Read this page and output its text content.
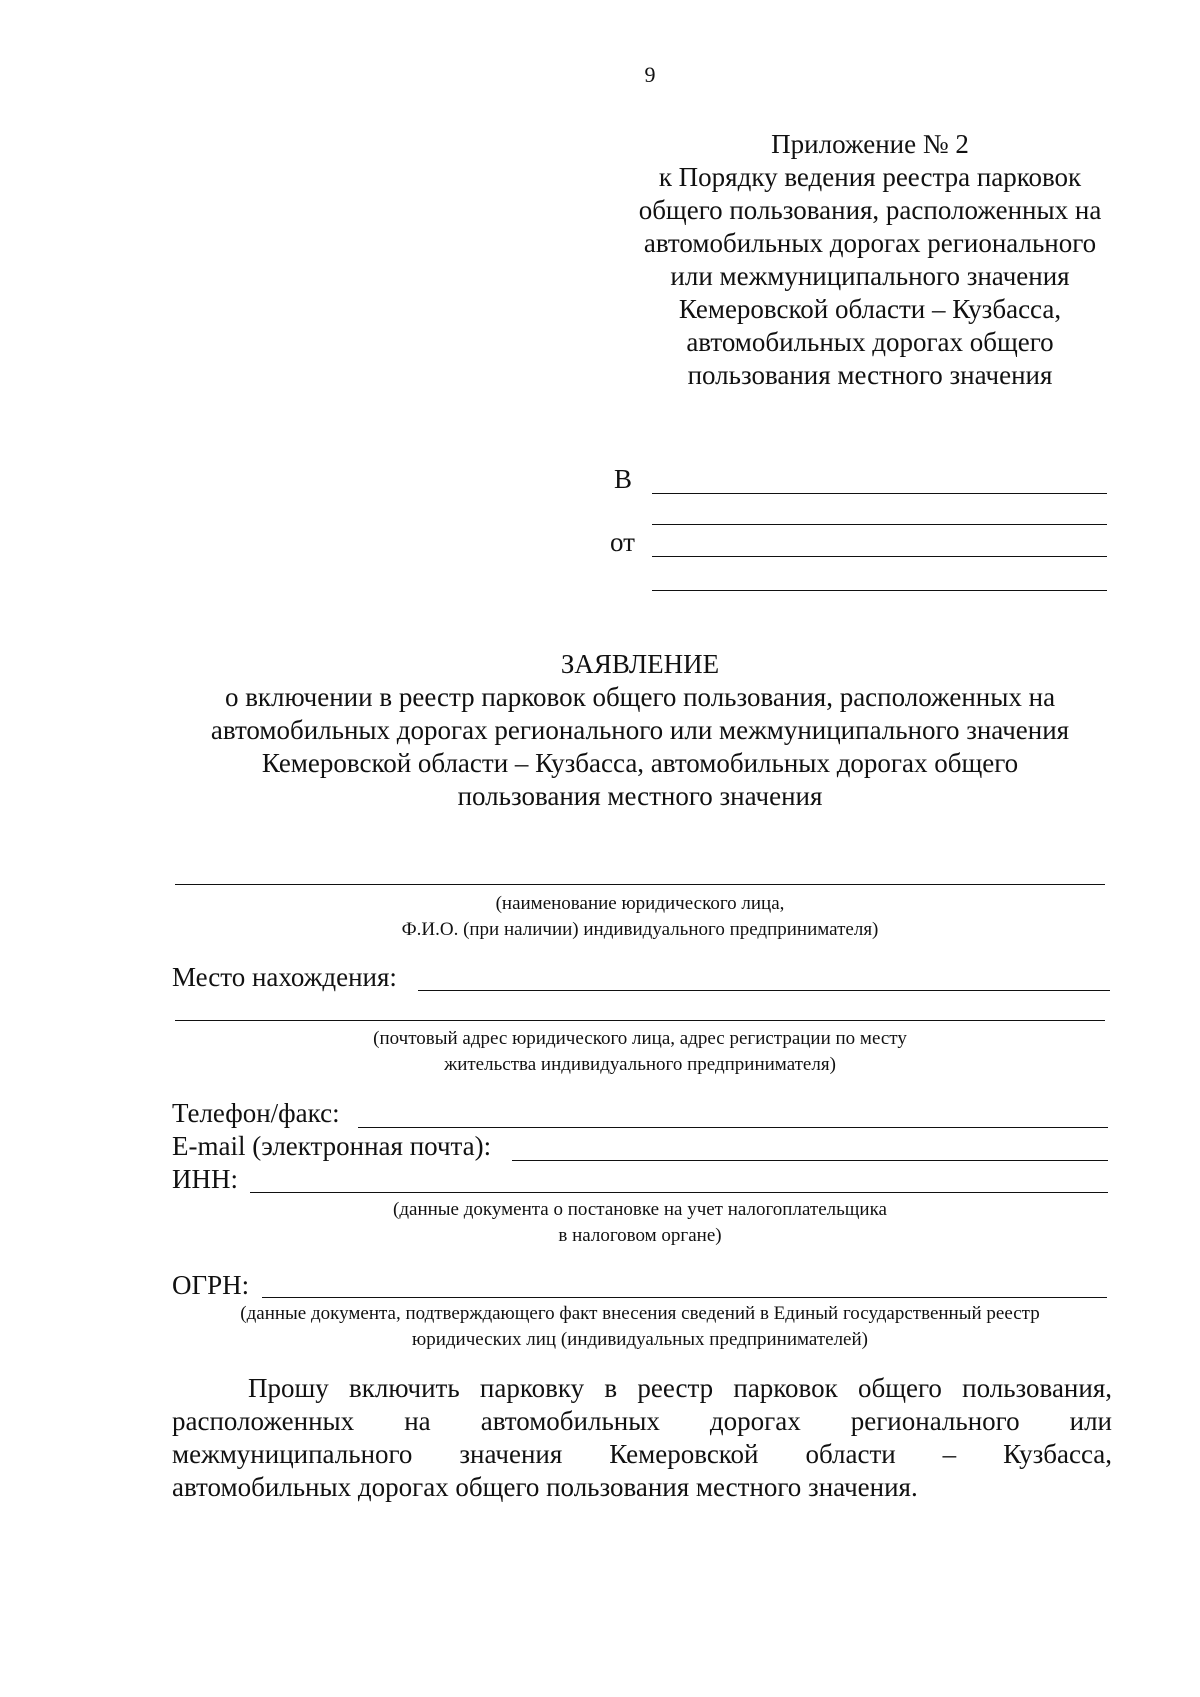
9
Приложение № 2
к Порядку ведения реестра парковок
общего пользования, расположенных на
автомобильных дорогах регионального
или межмуниципального значения
Кемеровской области – Кузбасса,
автомобильных дорогах общего
пользования местного значения
В
от
ЗАЯВЛЕНИЕ
о включении в реестр парковок общего пользования, расположенных на
автомобильных дорогах регионального или межмуниципального значения
Кемеровской области – Кузбасса, автомобильных дорогах общего
пользования местного значения
(наименование юридического лица,
Ф.И.О. (при наличии) индивидуального предпринимателя)
Место нахождения:
(почтовый адрес юридического лица, адрес регистрации по месту
жительства индивидуального предпринимателя)
Телефон/факс:
E-mail (электронная почта):
ИНН:
(данные документа о постановке на учет налогоплательщика
в налоговом органе)
ОГРН:
(данные документа, подтверждающего факт внесения сведений в Единый государственный реестр
юридических лиц (индивидуальных предпринимателей)
Прошу включить парковку в реестр парковок общего пользования,
расположенных на автомобильных дорогах регионального или
межмуниципального значения Кемеровской области – Кузбасса,
автомобильных дорогах общего пользования местного значения.
